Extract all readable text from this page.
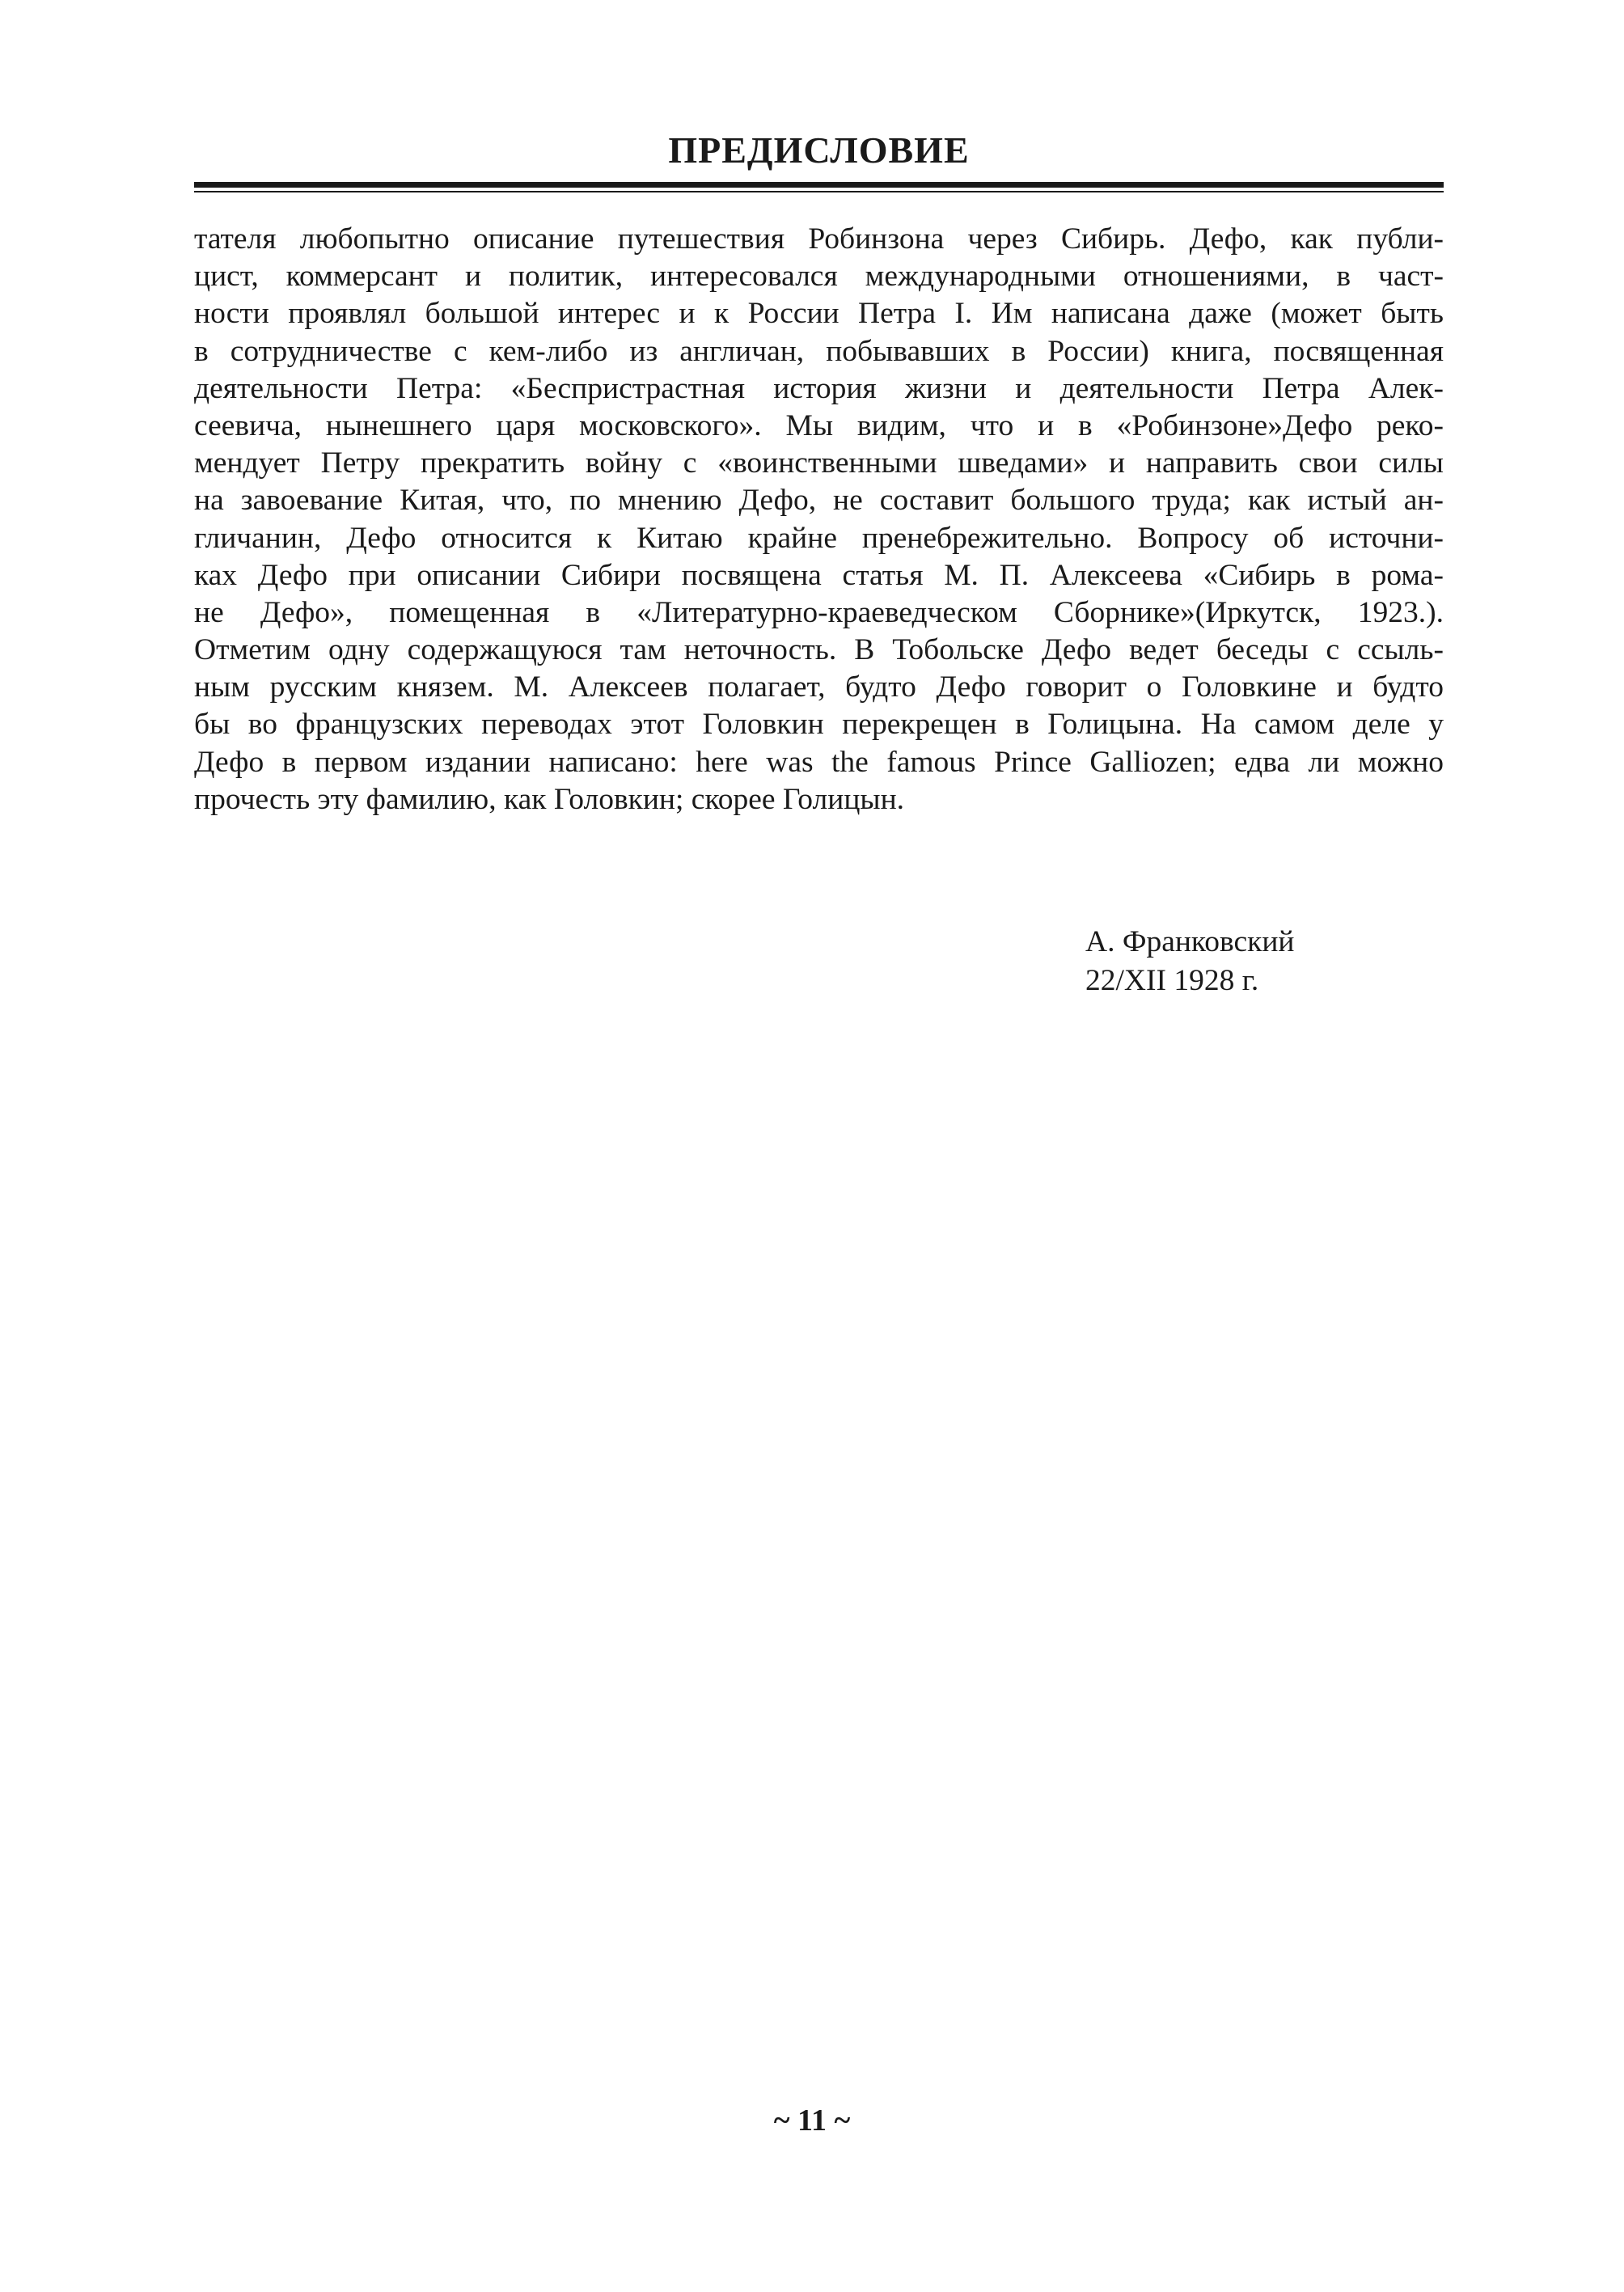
ПРЕДИСЛОВИЕ
тателя любопытно описание путешествия Робинзона через Сибирь. Дефо, как публи-
цист, коммерсант и политик, интересовался международными отношениями, в част-
ности проявлял большой интерес и к России Петра I. Им написана даже (может быть
в сотрудничестве с кем-либо из англичан, побывавших в России) книга, посвященная
деятельности Петра: «Беспристрастная история жизни и деятельности Петра Алек-
сеевича, нынешнего царя московского». Мы видим, что и в «Робинзоне»Дефо реко-
мендует Петру прекратить войну с «воинственными шведами» и направить свои силы
на завоевание Китая, что, по мнению Дефо, не составит большого труда; как истый ан-
гличанин, Дефо относится к Китаю крайне пренебрежительно. Вопросу об источни-
ках Дефо при описании Сибири посвящена статья М. П. Алексеева «Сибирь в рома-
не Дефо», помещенная в «Литературно-краеведческом Сборнике»(Иркутск, 1923.).
Отметим одну содержащуюся там неточность. В Тобольске Дефо ведет беседы с ссыль-
ным русским князем. М. Алексеев полагает, будто Дефо говорит о Головкине и будто
бы во французских переводах этот Головкин перекрещен в Голицына. На самом деле у
Дефо в первом издании написано: here was the famous Prince Galliozen; едва ли можно
прочесть эту фамилию, как Головкин; скорее Голицын.
А. Франковский
22/XII 1928 г.
~ 11 ~
